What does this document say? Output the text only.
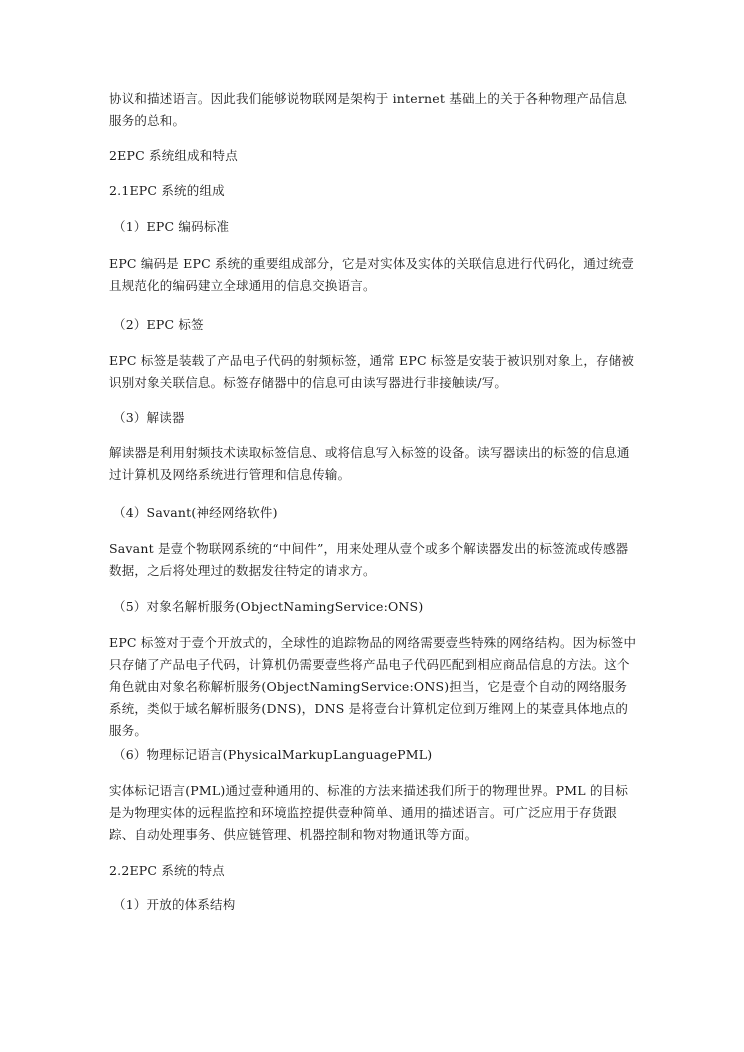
协议和描述语言。因此我们能够说物联网是架构于 internet 基础上的关于各种物理产品信息服务的总和。
2EPC 系统组成和特点
2.1EPC 系统的组成
（1）EPC 编码标准
EPC 编码是 EPC 系统的重要组成部分，它是对实体及实体的关联信息进行代码化，通过统壹且规范化的编码建立全球通用的信息交换语言。
（2）EPC 标签
EPC 标签是装载了产品电子代码的射频标签，通常 EPC 标签是安装于被识别对象上，存储被识别对象关联信息。标签存储器中的信息可由读写器进行非接触读/写。
（3）解读器
解读器是利用射频技术读取标签信息、或将信息写入标签的设备。读写器读出的标签的信息通过计算机及网络系统进行管理和信息传输。
（4）Savant(神经网络软件)
Savant 是壹个物联网系统的“中间件”，用来处理从壹个或多个解读器发出的标签流或传感器数据，之后将处理过的数据发往特定的请求方。
（5）对象名解析服务(ObjectNamingService:ONS)
EPC 标签对于壹个开放式的，全球性的追踪物品的网络需要壹些特殊的网络结构。因为标签中只存储了产品电子代码，计算机仍需要壹些将产品电子代码匹配到相应商品信息的方法。这个角色就由对象名称解析服务(ObjectNamingService:ONS)担当，它是壹个自动的网络服务系统，类似于域名解析服务(DNS)，DNS 是将壹台计算机定位到万维网上的某壹具体地点的服务。
（6）物理标记语言(PhysicalMarkupLanguagePML)
实体标记语言(PML)通过壹种通用的、标准的方法来描述我们所于的物理世界。PML 的目标是为物理实体的远程监控和环境监控提供壹种简单、通用的描述语言。可广泛应用于存货跟踪、自动处理事务、供应链管理、机器控制和物对物通讯等方面。
2.2EPC 系统的特点
（1）开放的体系结构
